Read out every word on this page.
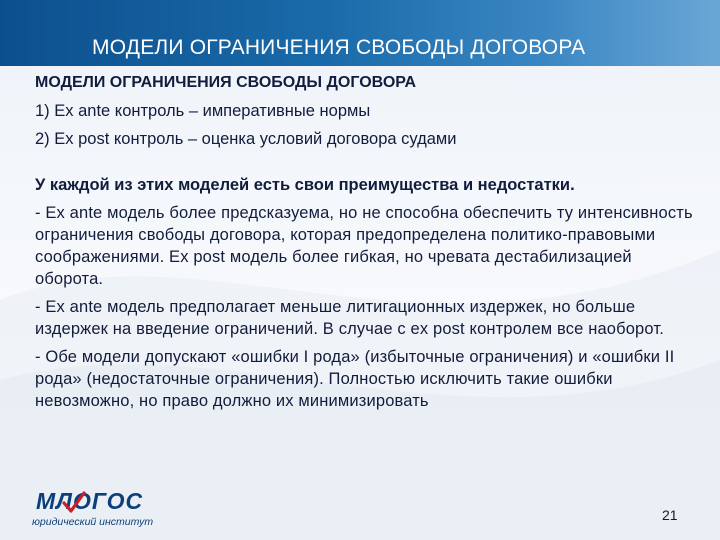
МОДЕЛИ ОГРАНИЧЕНИЯ СВОБОДЫ ДОГОВОРА

МОДЕЛИ ОГРАНИЧЕНИЯ СВОБОДЫ ДОГОВОРА

1) Ex ante контроль – императивные нормы

2) Ex post контроль – оценка условий договора судами

У каждой из этих моделей есть свои преимущества и недостатки.

- Ex ante модель более предсказуема, но не способна обеспечить ту интенсивность ограничения свободы договора, которая предопределена политико-правовыми соображениями. Ex post модель более гибкая, но чревата дестабилизацией оборота.

- Ex ante модель предполагает меньше литигационных издержек, но больше издержек на введение ограничений. В случае с ex post контролем все наоборот.

- Обе модели допускают «ошибки I рода» (избыточные ограничения) и «ошибки II рода» (недостаточные ограничения). Полностью исключить такие ошибки невозможно, но право должно их минимизировать

МЛОГОС
юридический институт	21
